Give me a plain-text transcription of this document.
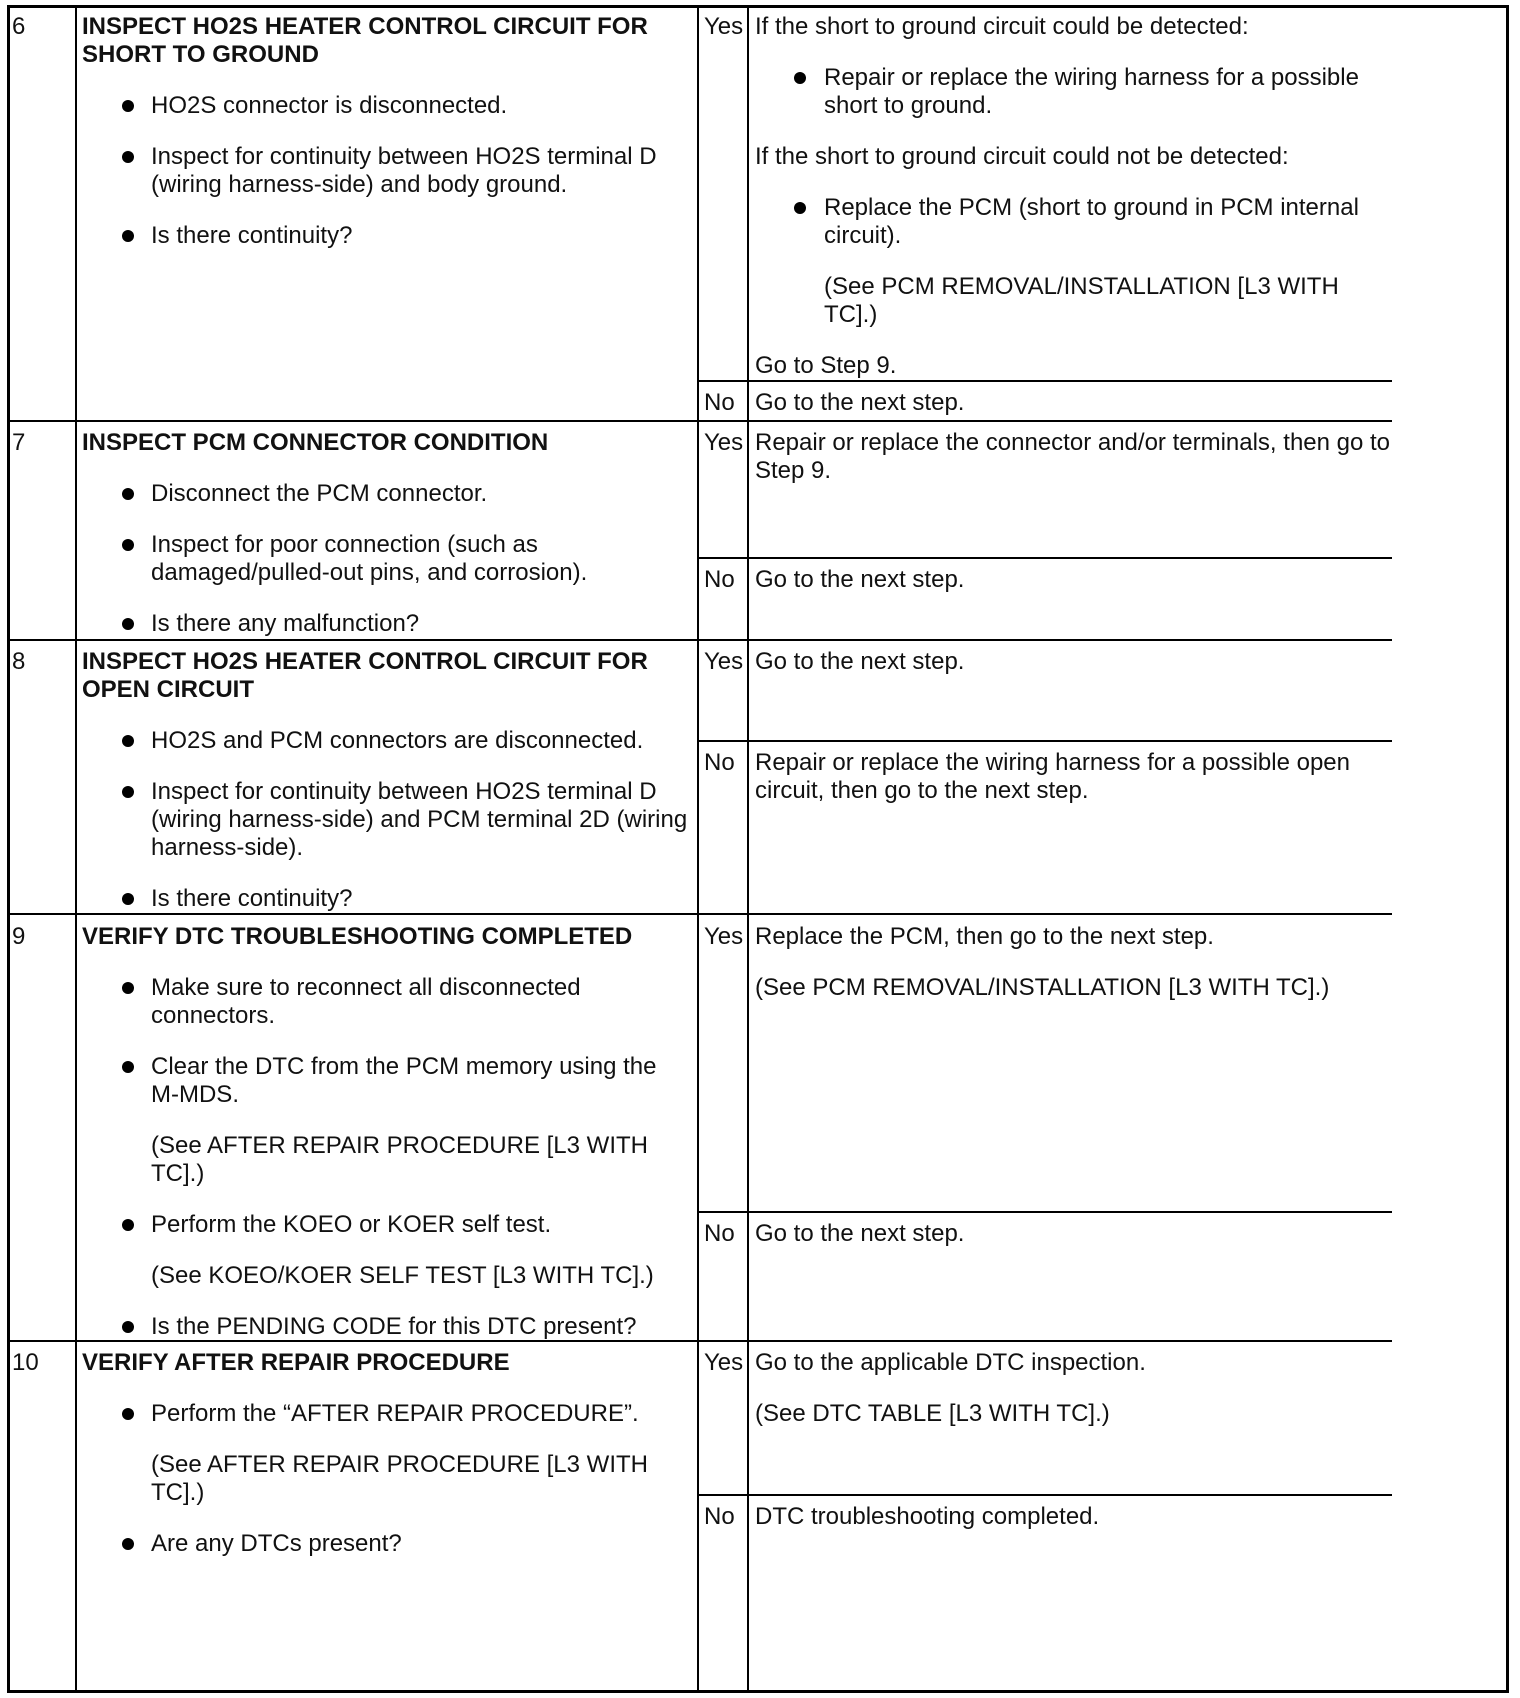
6 INSPECT HO2S HEATER CONTROL CIRCUIT FOR
SHORT TO GROUND
HO2S connector is disconnected.
Inspect for continuity between HO2S terminal D
(wiring harness-side) and body ground.
Is there continuity?
Yes If the short to ground circuit could be detected:
Repair or replace the wiring harness for a possible
short to ground.
If the short to ground circuit could not be detected:
Replace the PCM (short to ground in PCM internal
circuit).
(See PCM REMOVAL/INSTALLATION [L3 WITH
TC].)
Go to Step 9.
No Go to the next step.
7 INSPECT PCM CONNECTOR CONDITION
Disconnect the PCM connector.
Inspect for poor connection (such as
damaged/pulled-out pins, and corrosion).
Is there any malfunction?
Yes Repair or replace the connector and/or terminals, then go to
Step 9.
No Go to the next step.
8 INSPECT HO2S HEATER CONTROL CIRCUIT FOR
OPEN CIRCUIT
HO2S and PCM connectors are disconnected.
Inspect for continuity between HO2S terminal D
(wiring harness-side) and PCM terminal 2D (wiring
harness-side).
Is there continuity?
Yes Go to the next step.
No Repair or replace the wiring harness for a possible open
circuit, then go to the next step.
9 VERIFY DTC TROUBLESHOOTING COMPLETED
Make sure to reconnect all disconnected
connectors.
Clear the DTC from the PCM memory using the
M-MDS.
(See AFTER REPAIR PROCEDURE [L3 WITH
TC].)
Perform the KOEO or KOER self test.
(See KOEO/KOER SELF TEST [L3 WITH TC].)
Is the PENDING CODE for this DTC present?
Yes Replace the PCM, then go to the next step.
(See PCM REMOVAL/INSTALLATION [L3 WITH TC].)
No Go to the next step.
10 VERIFY AFTER REPAIR PROCEDURE
Perform the “AFTER REPAIR PROCEDURE”.
(See AFTER REPAIR PROCEDURE [L3 WITH
TC].)
Are any DTCs present?
Yes Go to the applicable DTC inspection.
(See DTC TABLE [L3 WITH TC].)
No DTC troubleshooting completed.
